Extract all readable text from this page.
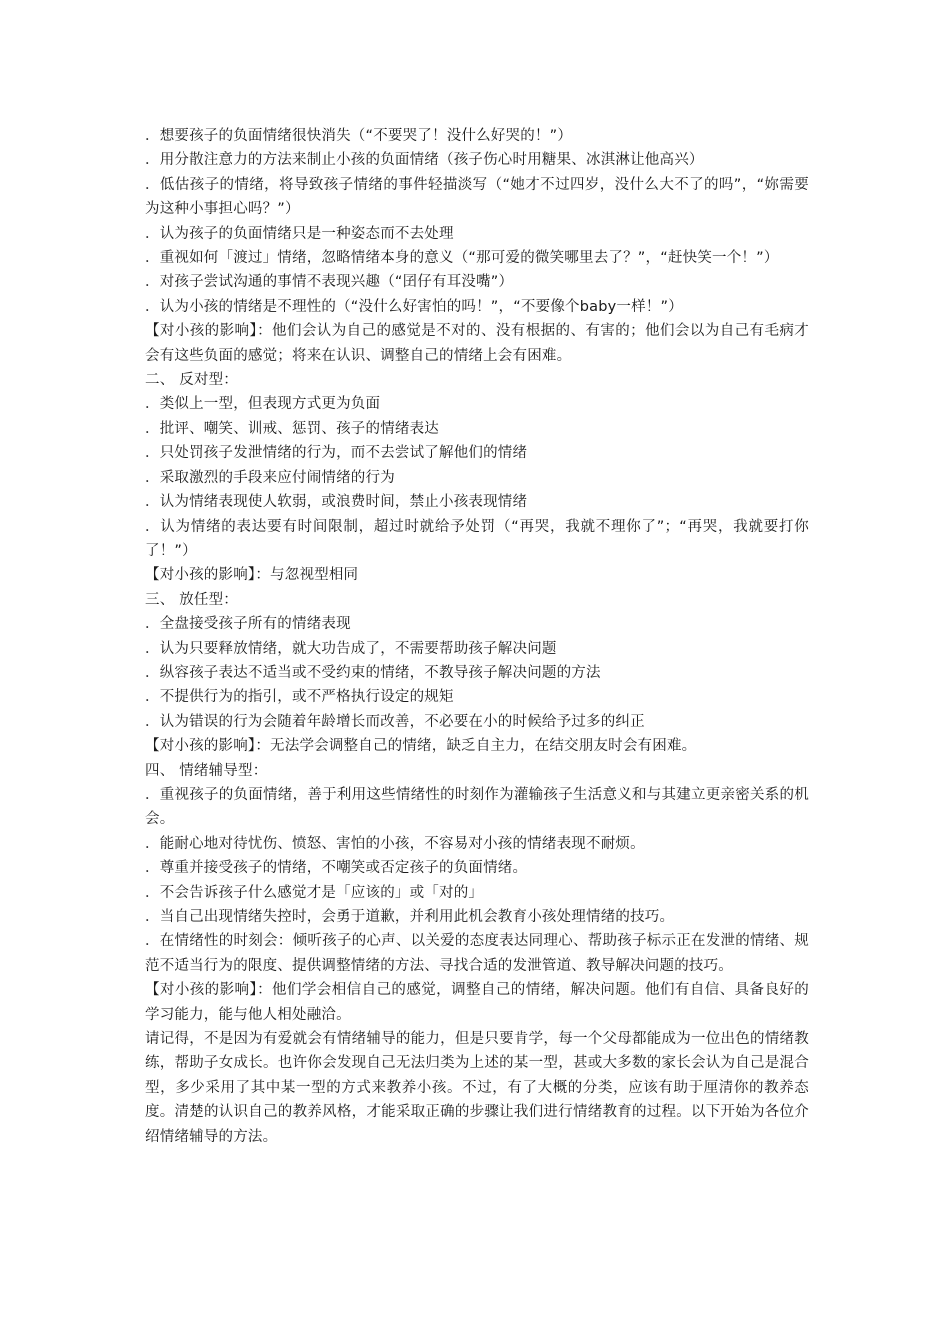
．想要孩子的负面情绪很快消失（“不要哭了！没什么好哭的！”）
．用分散注意力的方法来制止小孩的负面情绪（孩子伤心时用糖果、冰淇淋让他高兴）
．低估孩子的情绪，将导致孩子情绪的事件轻描淡写（“她才不过四岁，没什么大不了的吗”，“妳需要为这种小事担心吗？”）
．认为孩子的负面情绪只是一种姿态而不去处理
．重视如何「渡过」情绪，忽略情绪本身的意义（“那可爱的微笑哪里去了？”，“赶快笑一个！”）
．对孩子尝试沟通的事情不表现兴趣（“囝仔有耳没嘴”）
．认为小孩的情绪是不理性的（“没什么好害怕的吗！”，“不要像个baby一样！”）
【对小孩的影响】：他们会认为自己的感觉是不对的、没有根据的、有害的；他们会以为自己有毛病才会有这些负面的感觉；将来在认识、调整自己的情绪上会有困难。
二、 反对型：
．类似上一型，但表现方式更为负面
．批评、嘲笑、训戒、惩罚、孩子的情绪表达
．只处罚孩子发泄情绪的行为，而不去尝试了解他们的情绪
．采取激烈的手段来应付闹情绪的行为
．认为情绪表现使人软弱，或浪费时间，禁止小孩表现情绪
．认为情绪的表达要有时间限制，超过时就给予处罚（“再哭，我就不理你了”；“再哭，我就要打你了！”）
【对小孩的影响】：与忽视型相同
三、 放任型：
．全盘接受孩子所有的情绪表现
．认为只要释放情绪，就大功告成了，不需要帮助孩子解决问题
．纵容孩子表达不适当或不受约束的情绪，不教导孩子解决问题的方法
．不提供行为的指引，或不严格执行设定的规矩
．认为错误的行为会随着年龄增长而改善，不必要在小的时候给予过多的纠正
【对小孩的影响】：无法学会调整自己的情绪，缺乏自主力，在结交朋友时会有困难。
四、 情绪辅导型：
．重视孩子的负面情绪，善于利用这些情绪性的时刻作为灌输孩子生活意义和与其建立更亲密关系的机会。
．能耐心地对待忧伤、愤怒、害怕的小孩，不容易对小孩的情绪表现不耐烦。
．尊重并接受孩子的情绪，不嘲笑或否定孩子的负面情绪。
．不会告诉孩子什么感觉才是「应该的」或「对的」
．当自己出现情绪失控时，会勇于道歉，并利用此机会教育小孩处理情绪的技巧。
．在情绪性的时刻会：倾听孩子的心声、以关爱的态度表达同理心、帮助孩子标示正在发泄的情绪、规范不适当行为的限度、提供调整情绪的方法、寻找合适的发泄管道、教导解决问题的技巧。
【对小孩的影响】：他们学会相信自己的感觉，调整自己的情绪，解决问题。他们有自信、具备良好的学习能力，能与他人相处融洽。
请记得，不是因为有爱就会有情绪辅导的能力，但是只要肯学，每一个父母都能成为一位出色的情绪教练，帮助子女成长。也许你会发现自己无法归类为上述的某一型，甚或大多数的家长会认为自己是混合型，多少采用了其中某一型的方式来教养小孩。不过，有了大概的分类，应该有助于厘清你的教养态度。清楚的认识自己的教养风格，才能采取正确的步骤让我们进行情绪教育的过程。以下开始为各位介绍情绪辅导的方法。
